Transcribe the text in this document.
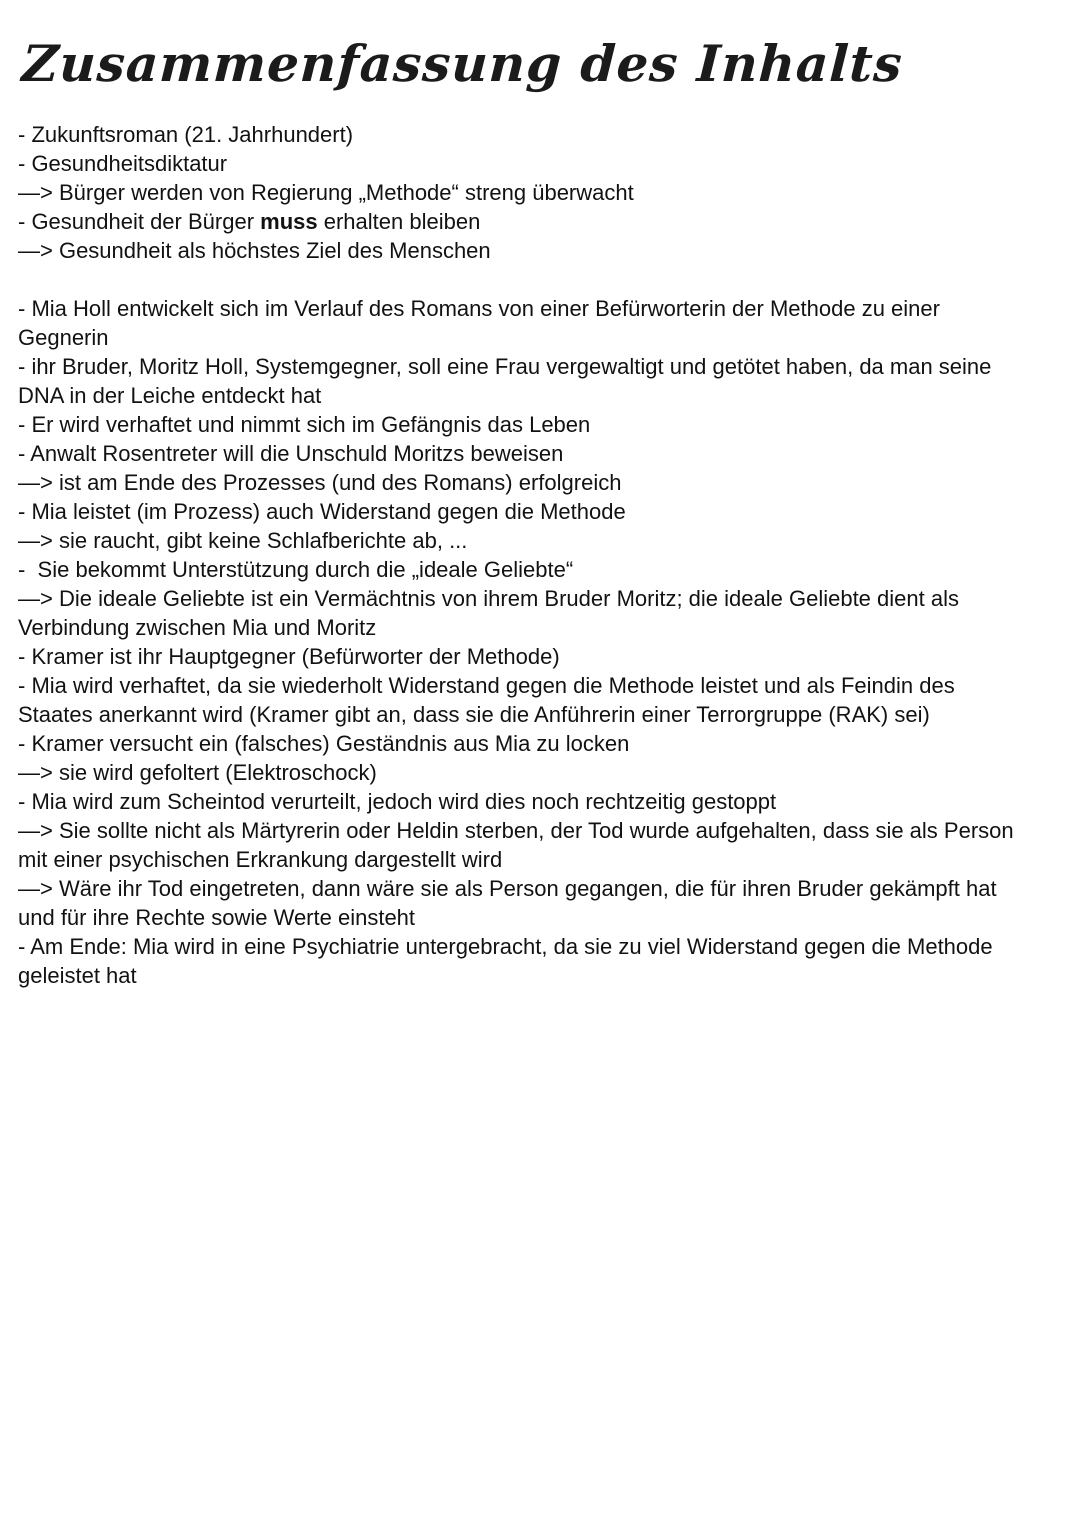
Zusammenfassung des Inhalts
- Zukunftsroman (21. Jahrhundert)
- Gesundheitsdiktatur
—> Bürger werden von Regierung „Methode“ streng überwacht
- Gesundheit der Bürger muss erhalten bleiben
—> Gesundheit als höchstes Ziel des Menschen
- Mia Holl entwickelt sich im Verlauf des Romans von einer Befürworterin der Methode zu einer Gegnerin
- ihr Bruder, Moritz Holl, Systemgegner, soll eine Frau vergewaltigt und getötet haben, da man seine DNA in der Leiche entdeckt hat
- Er wird verhaftet und nimmt sich im Gefängnis das Leben
- Anwalt Rosentreter will die Unschuld Moritzs beweisen
—> ist am Ende des Prozesses (und des Romans) erfolgreich
- Mia leistet (im Prozess) auch Widerstand gegen die Methode
—> sie raucht, gibt keine Schlafberichte ab, ...
-  Sie bekommt Unterstützung durch die „ideale Geliebte“
—> Die ideale Geliebte ist ein Vermächtnis von ihrem Bruder Moritz; die ideale Geliebte dient als Verbindung zwischen Mia und Moritz
- Kramer ist ihr Hauptgegner (Befürworter der Methode)
- Mia wird verhaftet, da sie wiederholt Widerstand gegen die Methode leistet und als Feindin des Staates anerkannt wird (Kramer gibt an, dass sie die Anführerin einer Terrorgruppe (RAK) sei)
- Kramer versucht ein (falsches) Geständnis aus Mia zu locken
—> sie wird gefoltert (Elektroschock)
- Mia wird zum Scheintod verurteilt, jedoch wird dies noch rechtzeitig gestoppt
—> Sie sollte nicht als Märtyrerin oder Heldin sterben, der Tod wurde aufgehalten, dass sie als Person mit einer psychischen Erkrankung dargestellt wird
—> Wäre ihr Tod eingetreten, dann wäre sie als Person gegangen, die für ihren Bruder gekämpft hat und für ihre Rechte sowie Werte einsteht
- Am Ende: Mia wird in eine Psychiatrie untergebracht, da sie zu viel Widerstand gegen die Methode geleistet hat
